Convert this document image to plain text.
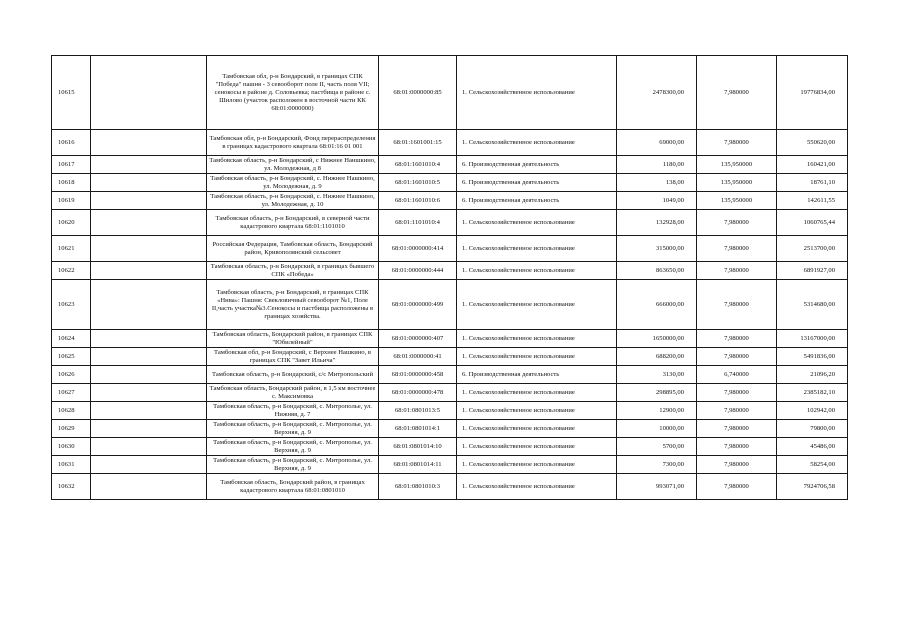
10615		Тамбовская обл, р-н Бондарский, в границах СПК "Победа" пашня - 3 севооборот поле II, часть поля VII; сенокосы в районе д. Соловьевка; пастбища в районе с. Шилово (участок расположен в восточной части КК 68:01:0000000)	68:01:0000000:85	1. Сельскохозяйственное использование	2478300,00	7,980000	19776834,00
10616		Тамбовская обл, р-н Бондарский, Фонд перераспределения в границах кадастрового квартала 68:01:16 01 001	68:01:1601001:15	1. Сельскохозяйственное использование	69000,00	7,980000	550620,00
10617		Тамбовская область, р-н Бондарский, с Нижнее Наншкино, ул. Молодежная, д 8	68:01:1601010:4	6. Производственная деятельность	1180,00	135,950000	160421,00
10618		Тамбовская область, р-н Бондарский, с. Нижнее Нашкино, ул. Молодежная, д. 9	68:01:1601010:5	6. Производственная деятельность	138,00	135,950000	18761,10
10619		Тамбовская область, р-н Бондарский, с. Нижнее Нашкино, ул. Молодежная, д. 10	68:01:1601010:6	6. Производственная деятельность	1049,00	135,950000	142611,55
10620		Тамбовская область, р-н Бондарский, в северной части кадастрового квартала 68:01:1101010	68:01:1101010:4	1. Сельскохозяйственное использование	132928,00	7,980000	1060765,44
10621		Российская Федерация, Тамбовская область, Бондарский район, Кривополянский сельсовет	68:01:0000000:414	1. Сельскохозяйственное использование	315000,00	7,980000	2513700,00
10622		Тамбовская область, р-н Бондарский, в границах бывшего СПК «Победа»	68:01:0000000:444	1. Сельскохозяйственное использование	863650,00	7,980000	6891927,00
10623		Тамбовская область, р-н Бондарский, в границах СПК «Нива»: Пашня: Свекловичный севооборот №1, Поле II,часть участка№3.Сенокосы и пастбища расположены в границах хозяйства.	68:01:0000000:499	1. Сельскохозяйственное использование	666000,00	7,980000	5314680,00
10624		Тамбовская область, Бондарский район, в границах СПК "Юбилейный"	68:01:0000000:407	1. Сельскохозяйственное использование	1650000,00	7,980000	13167000,00
10625		Тамбовская обл, р-н Бондарский, с Верхнее Нашкино, в границах СПК "Завет Ильича"	68:01:0000000:41	1. Сельскохозяйственное использование	688200,00	7,980000	5491836,00
10626		Тамбовская область, р-н Бондарский, с/с Митропольский	68:01:0000000:458	6. Производственная деятельность	3130,00	6,740000	21096,20
10627		Тамбовская область, Бондарский район, в 1,5 км восточнее с. Максимовка	68:01:0000000:478	1. Сельскохозяйственное использование	298895,00	7,980000	2385182,10
10628		Тамбовская область, р-н Бондарский, с. Митрополье, ул. Нижняя, д. 7	68:01:0801013:5	1. Сельскохозяйственное использование	12900,00	7,980000	102942,00
10629		Тамбовская область, р-н Бондарский, с. Митрополье, ул. Верхняя, д. 9	68:01:0801014:1	1. Сельскохозяйственное использование	10000,00	7,980000	79800,00
10630		Тамбовская область, р-н Бондарский, с. Митрополье, ул. Верхняя, д. 9	68:01:0801014:10	1. Сельскохозяйственное использование	5700,00	7,980000	45486,00
10631		Тамбовская область, р-н Бондарский, с. Митрополье, ул. Верхняя, д. 9	68:01:0801014:11	1. Сельскохозяйственное использование	7300,00	7,980000	58254,00
10632		Тамбовская область, Бондарский район, в границах кадастрового квартала 68:01:0801010	68:01:0801010:3	1. Сельскохозяйственное использование	993071,00	7,980000	7924706,58
